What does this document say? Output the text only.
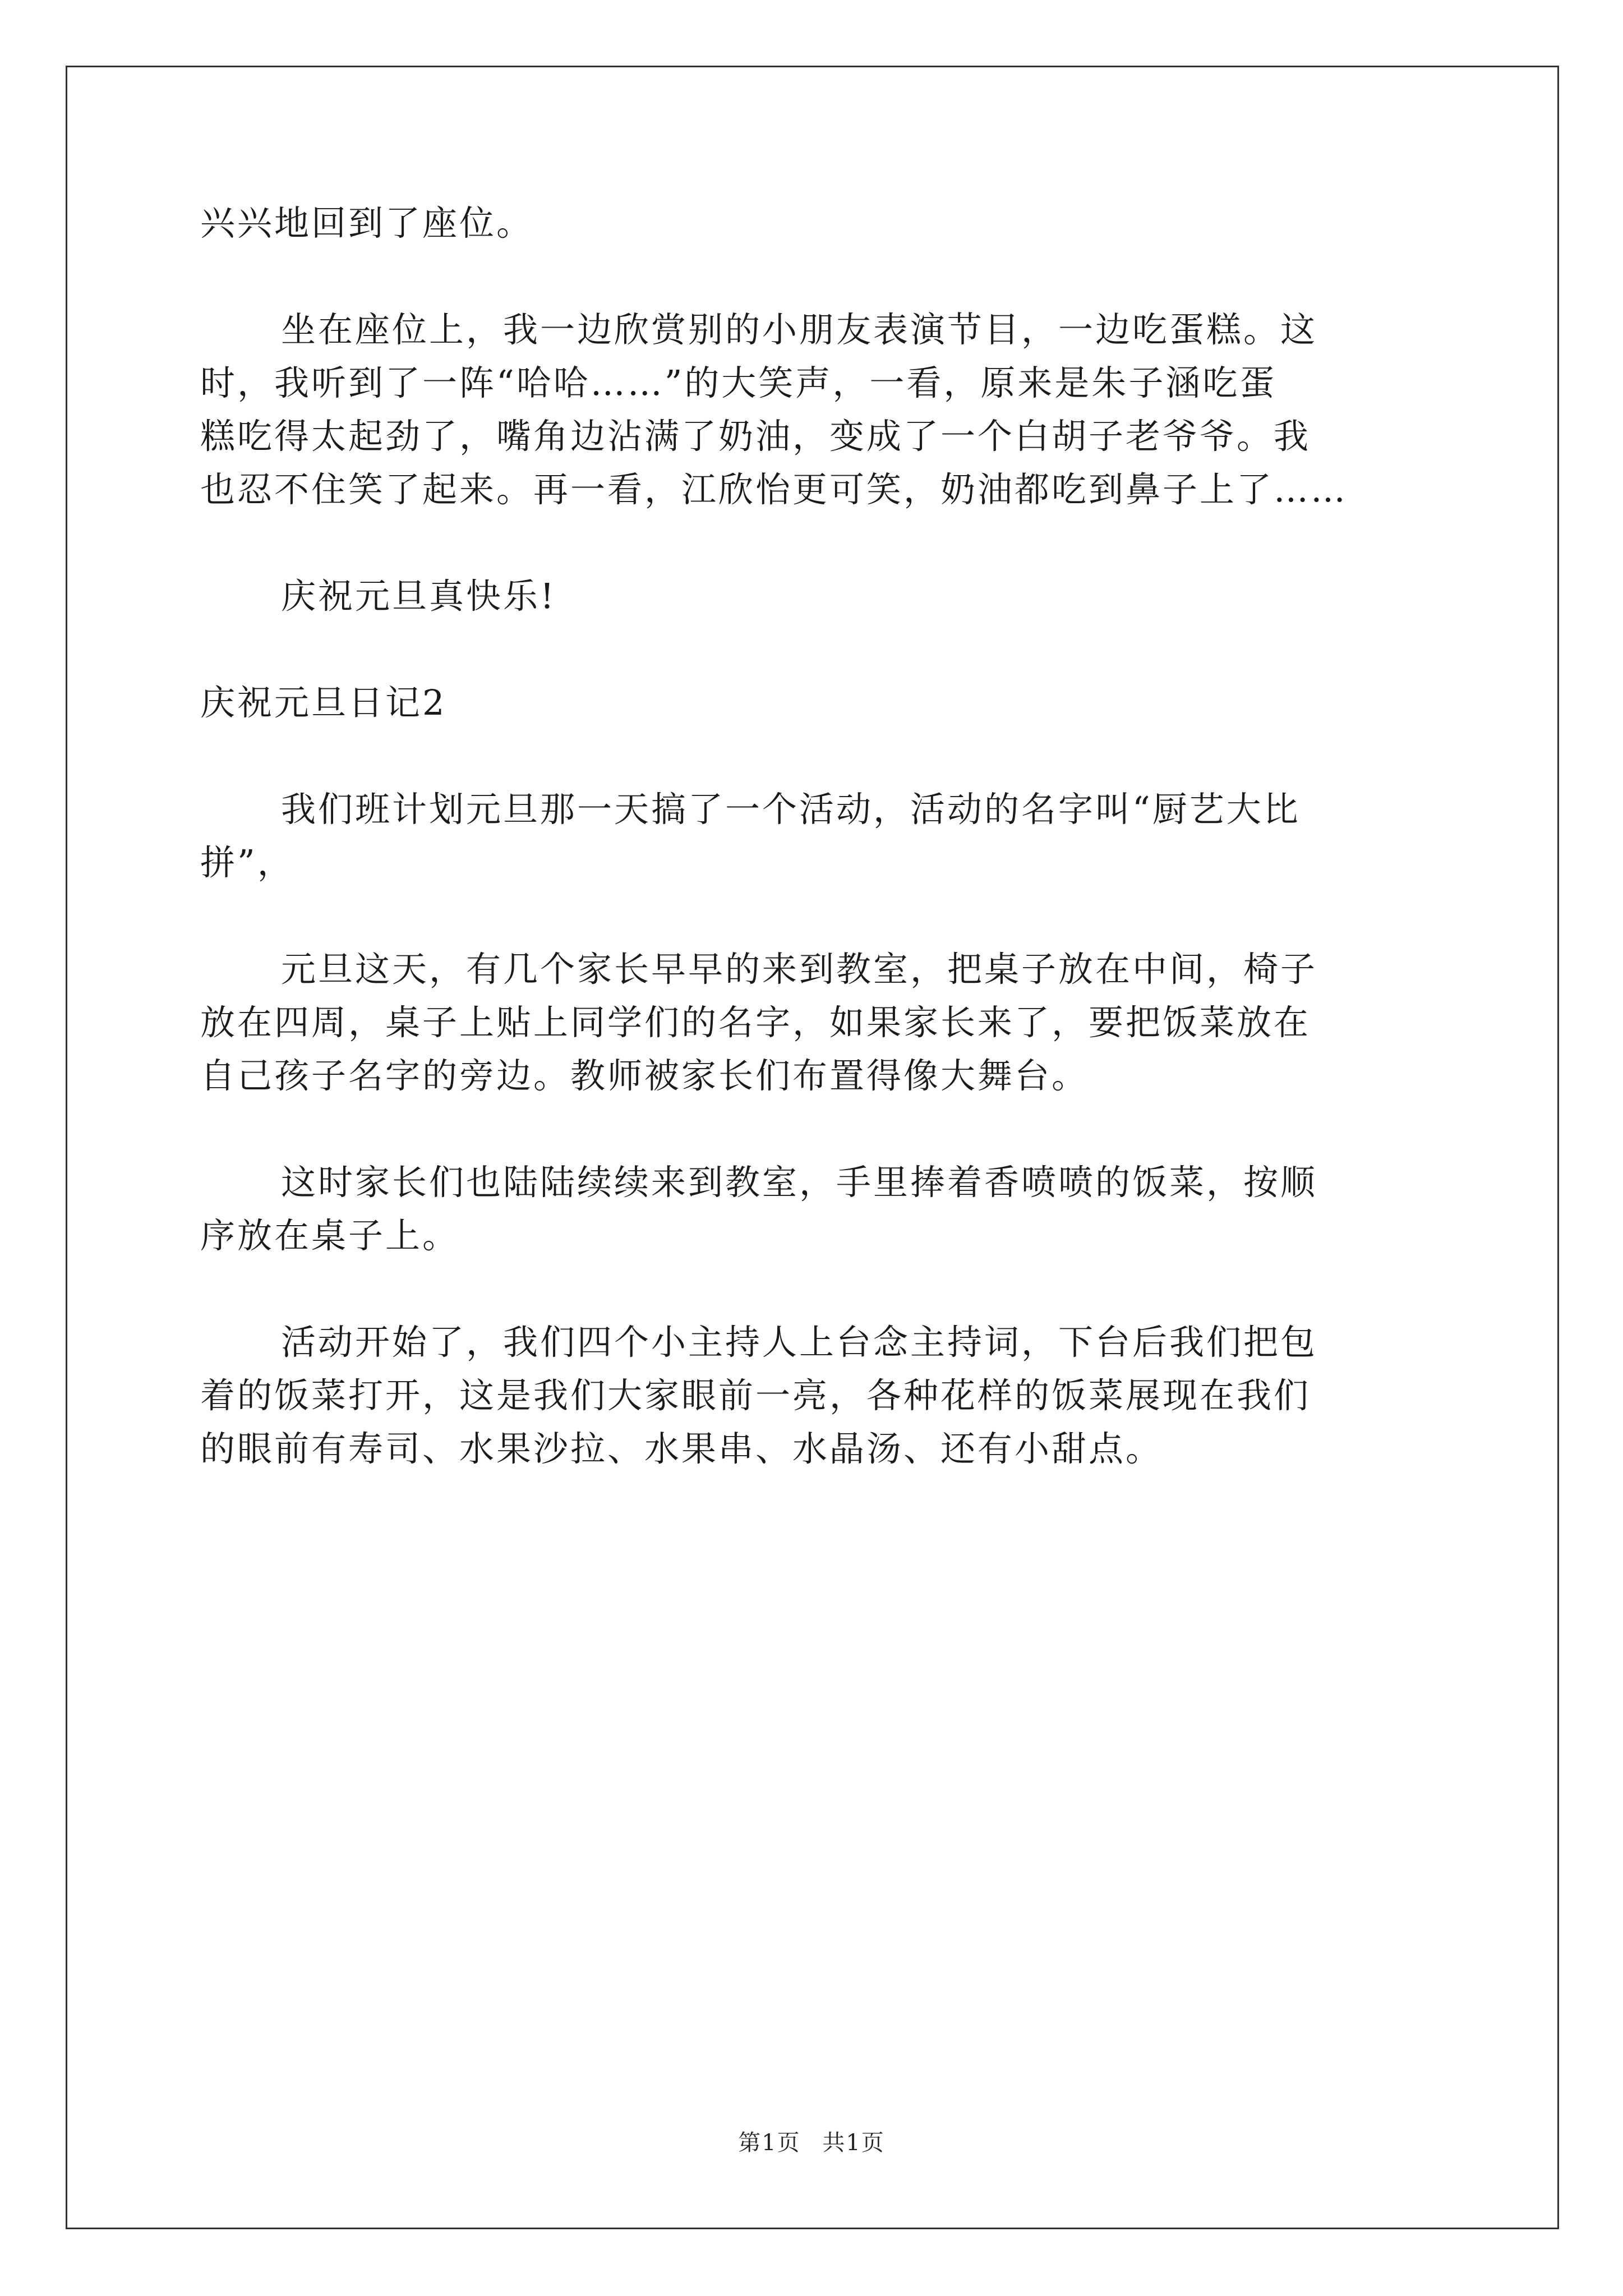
兴兴地回到了座位。
坐在座位上，我一边欣赏别的小朋友表演节目，一边吃蛋糕。这
时，我听到了一阵“哈哈……”的大笑声，一看，原来是朱子涵吃蛋
糕吃得太起劲了，嘴角边沾满了奶油，变成了一个白胡子老爷爷。我
也忍不住笑了起来。再一看，江欣怡更可笑，奶油都吃到鼻子上了……
庆祝元旦真快乐!
庆祝元旦日记2
我们班计划元旦那一天搞了一个活动，活动的名字叫“厨艺大比
拼”，
元旦这天，有几个家长早早的来到教室，把桌子放在中间，椅子
放在四周，桌子上贴上同学们的名字，如果家长来了，要把饭菜放在
自己孩子名字的旁边。教师被家长们布置得像大舞台。
这时家长们也陆陆续续来到教室，手里捧着香喷喷的饭菜，按顺
序放在桌子上。
活动开始了，我们四个小主持人上台念主持词，下台后我们把包
着的饭菜打开，这是我们大家眼前一亮，各种花样的饭菜展现在我们
的眼前有寿司、水果沙拉、水果串、水晶汤、还有小甜点。
第1页 共1页
